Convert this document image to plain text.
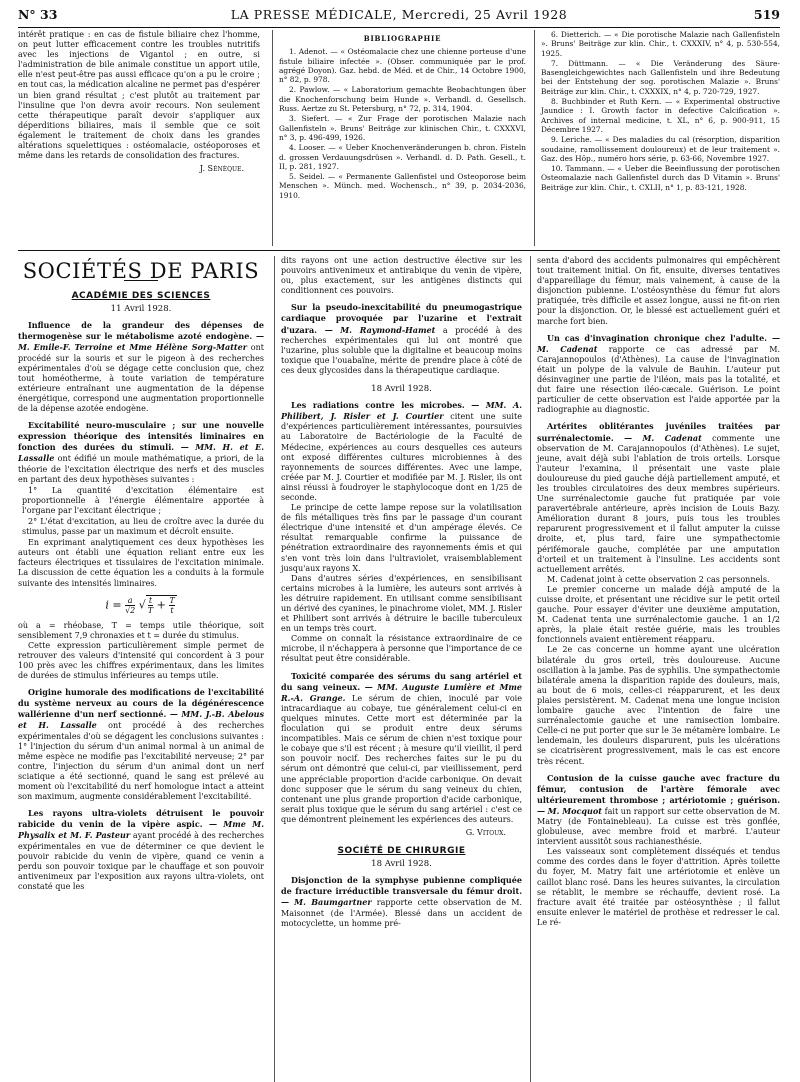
N° 33	LA PRESSE MÉDICALE, Mercredi, 25 Avril 1928	519

intérêt pratique : en cas de fistule biliaire chez l'homme, on peut lutter efficacement contre les troubles nutritifs avec les injections de Vigantol ; en outre, si l'administration de bile animale constitue un apport utile, elle n'est peut-être pas aussi efficace qu'on a pu le croire ; en tout cas, la médication alcaline ne permet pas d'espérer un bien grand résultat ; c'est plutôt au traitement par l'insuline que l'on devra avoir recours. Non seulement cette thérapeutique paraît devoir s'appliquer aux déperditions biliaires, mais il semble que ce soit également le traitement de choix dans les grandes altérations squelettiques : ostéomalacie, ostéoporoses et même dans les retards de consolidation des fractures.

J. Sénèque.
BIBLIOGRAPHIE

1. Adenot. — « Ostéomalacie chez une chienne porteuse d'une fistule biliaire infectée ». (Obser. communiquée par le prof. agrégé Doyon). Gaz. hebd. de Méd. et de Chir., 14 Octobre 1900, n° 82, p. 978.

2. Pawlow. — « Laboratorium gemachte Beobachtungen über die Knochenforschung beim Hunde ». Verhandl. d. Gesellsch. Russ. Aertze zu St. Petersburg, n° 72, p. 314, 1904.

3. Siefert. — « Zur Frage der porotischen Malazie nach Gallenfisteln ». Bruns' Beiträge zur klinischen Chir., t. CXXXVI, n° 3, p. 496-499, 1926.

4. Looser. — « Ueber Knochenveränderungen b. chron. Fisteln d. grossen Verdauungsdrüsen ». Verhandl. d. D. Path. Gesell., t. II, p. 281, 1927.

5. Seidel. — « Permanente Gallenfistel und Osteoporose beim Menschen ». Münch. med. Wochensch., n° 39, p. 2034-2036, 1910.

6. Dietterich. — « Die porotische Malazie nach Gallenfisteln ». Bruns' Beiträge zur klin. Chir., t. CXXXIV, n° 4, p. 530-554, 1925.

7. Düttmann. — « Die Veränderung des Säure-Basengleichgewichtes nach Gallenfisteln und ihre Bedeutung bei der Entstehung der sog. porotischen Malazie ». Bruns' Beiträge zur klin. Chir., t. CXXXIX, n° 4, p. 720-729, 1927.

8. Buchbinder et Ruth Kern. — « Experimental obstructive Jaundice : I. Growth factor in defective Calcification ». Archives of internal medicine, t. XL, n° 6, p. 900-911, 15 Décembre 1927.

9. Leriche. — « Des maladies du cal (résorption, disparition soudaine, ramollissement douloureux) et de leur traitement ». Gaz. des Hôp., numéro hors série, p. 63-66, Novembre 1927.

10. Tammann. — « Ueber die Beeinflussung der porotischen Osteomalazie nach Gallenfistel durch das D Vitamin ». Bruns' Beiträge zur klin. Chir., t. CXLII, n° 1, p. 83-121, 1928.

SOCIÉTÉS DE PARIS
ACADÉMIE DES SCIENCES
11 Avril 1928.

Influence de la grandeur des dépenses de thermogenèse sur le métabolisme azoté endogène. — M. Emile-F. Terroine et Mme Hélène Sorg-Matter ont procédé sur la souris et sur le pigeon à des recherches expérimentales d'où se dégage cette conclusion que, chez tout homéotherme, à toute variation de température extérieure entraînant une augmentation de la dépense énergétique, correspond une augmentation proportionnelle de la dépense azotée endogène.

Excitabilité neuro-musculaire ; sur une nouvelle expression théorique des intensités liminaires en fonction des durées du stimuli. — MM. H. et E. Lassalle ont édifié un moule mathématique, a priori, de la théorie de l'excitation électrique des nerfs et des muscles en partant des deux hypothèses suivantes :

1° La quantité d'excitation élémentaire est proportionnelle à l'énergie élémentaire apportée à l'organe par l'excitant électrique ;

2° L'état d'excitation, au lieu de croître avec la durée du stimulus, passe par un maximum et décroît ensuite.

En exprimant analytiquement ces deux hypothèses les auteurs ont établi une équation reliant entre eux les facteurs électriques et tissulaires de l'excitation minimale. La discussion de cette équation les a conduits à la formule suivante des intensités liminaires.

$i = \frac{a}{√2}$ √ $\frac{t}{T} + \frac{T}{t}$

où a = rhéobase, T = temps utile théorique, soit sensiblement 7,9 chronaxies et t = durée du stimulus.

Cette expression particulièrement simple permet de retrouver des valeurs d'intensité qui concordent à 3 pour 100 près avec les chiffres expérimentaux, dans les limites de durées de stimulus inférieures au temps utile.

Origine humorale des modifications de l'excitabilité du système nerveux au cours de la dégénérescence wallérienne d'un nerf sectionné. — MM. J.-B. Abelous et H. Lassalle ont procédé à des recherches expérimentales d'où se dégagent les conclusions suivantes : 1° l'injection du sérum d'un animal normal à un animal de même espèce ne modifie pas l'excitabilité nerveuse; 2° par contre, l'injection du sérum d'un animal dont un nerf sciatique a été sectionné, quand le sang est prélevé au moment où l'excitabilité du nerf homologue intact a atteint son maximum, augmente considérablement l'excitabilité.

Les rayons ultra-violets détruisent le pouvoir rabicide du venin de la vipère aspic. — Mme M. Physalix et M. F. Pasteur ayant procédé à des recherches expérimentales en vue de déterminer ce que devient le pouvoir rabicide du venin de vipère, quand ce venin a perdu son pouvoir toxique par le chauffage et son pouvoir antivenimeux par l'exposition aux rayons ultra-violets, ont constaté que les

dits rayons ont une action destructive élective sur les pouvoirs antivenimeux et antirabique du venin de vipère, ou, plus exactement, sur les antigènes distincts qui conditionnent ces pouvoirs.

Sur la pseudo-inexcitabilité du pneumogastrique cardiaque provoquée par l'uzarine et l'extrait d'uzara. — M. Raymond-Hamet a procédé à des recherches expérimentales qui lui ont montré que l'uzarine, plus soluble que la digitaline et beaucoup moins toxique que l'ouabaïne, mérite de prendre place à côté de ces deux glycosides dans la thérapeutique cardiaque.

18 Avril 1928.

Les radiations contre les microbes. — MM. A. Philibert, J. Risler et J. Courtier citent une suite d'expériences particulièrement intéressantes, poursuivies au Laboratoire de Bactériologie de la Faculté de Médecine, expériences au cours desquelles ces auteurs ont exposé différentes cultures microbiennes à des rayonnements de sources différentes. Avec une lampe, créée par M. J. Courtier et modifiée par M. J. Risler, ils ont ainsi réussi à foudroyer le staphylocoque dont en 1/25 de seconde.

Le principe de cette lampe repose sur la volatilisation de fils métalliques très fins par le passage d'un courant électrique d'une intensité et d'un ampérage élevés. Ce résultat remarquable confirme la puissance de pénétration extraordinaire des rayonnements émis et qui s'en vont très loin dans l'ultraviolet, vraisemblablement jusqu'aux rayons X.

Dans d'autres séries d'expériences, en sensibilisant certains microbes à la lumière, les auteurs sont arrivés à les détruire rapidement. En utilisant comme sensibilisant un dérivé des cyanines, le pinachrome violet, MM. J. Risler et Philibert sont arrivés à détruire le bacille tuberculeux en un temps très court.

Comme on connaît la résistance extraordinaire de ce microbe, il n'échappera à personne que l'importance de ce résultat peut être considérable.

Toxicité comparée des sérums du sang artériel et du sang veineux. — MM. Auguste Lumière et Mme R.-A. Grange. Le sérum de chien, inoculé par voie intracardiaque au cobaye, tue généralement celui-ci en quelques minutes. Cette mort est déterminée par la floculation qui se produit entre deux sérums incompatibles. Mais ce sérum de chien n'est toxique pour le cobaye que s'il est récent ; à mesure qu'il vieillit, il perd son pouvoir nocif. Des recherches faites sur le pu du sérum ont démontré que celui-ci, par vieillissement, perd une appréciable proportion d'acide carbonique. On devait donc supposer que le sérum du sang veineux du chien, contenant une plus grande proportion d'acide carbonique, serait plus toxique que le sérum du sang artériel : c'est ce que démontrent pleinement les expériences des auteurs.

G. Vitoux.
SOCIÉTÉ DE CHIRURGIE
18 Avril 1928.

Disjonction de la symphyse pubienne compliquée de fracture irréductible transversale du fémur droit. — M. Baumgartner rapporte cette observation de M. Maisonnet (de l'Armée). Blessé dans un accident de motocyclette, un homme pré-

senta d'abord des accidents pulmonaires qui empêchèrent tout traitement initial. On fit, ensuite, diverses tentatives d'appareillage du fémur, mais vainement, à cause de la disjonction pubienne. L'ostéosynthèse du fémur fut alors pratiquée, très difficile et assez longue, aussi ne fit-on rien pour la disjonction. Or, le blessé est actuellement guéri et marche fort bien.

Un cas d'invagination chronique chez l'adulte. — M. Cadenat rapporte ce cas adressé par M. Carajannopoulos (d'Athènes). La cause de l'invagination était un polype de la valvule de Bauhin. L'auteur put désinvaginer une partie de l'iléon, mais pas la totalité, et dut faire une résection iléo-cæcale. Guérison. Le point particulier de cette observation est l'aide apportée par la radiographie au diagnostic.

Artérites oblitérantes juvéniles traitées par surrénalectomie. — M. Cadenat commente une observation de M. Carajannopoulos (d'Athènes). Le sujet, jeune, avait déjà subi l'ablation de trois orteils. Lorsque l'auteur l'examina, il présentait une vaste plaie douloureuse du pied gauche déjà partiellement amputé, et les troubles circulatoires des deux membres supérieurs. Une surrénalectomie gauche fut pratiquée par voie paravertébrale antérieure, après incision de Louis Bazy. Amélioration durant 8 jours, puis tous les troubles reparurent progressivement et il fallut amputer la cuisse droite, et, plus tard, faire une sympathectomie périfémorale gauche, complétée par une amputation d'orteil et un traitement à l'insuline. Les accidents sont actuellement arrêtés.

M. Cadenat joint à cette observation 2 cas personnels.

Le premier concerne un malade déjà amputé de la cuisse droite, et présentant une récidive sur le petit orteil gauche. Pour essayer d'éviter une deuxième amputation, M. Cadenat tenta une surrénalectomie gauche. 1 an 1/2 après, la plaie était restée guérie, mais les troubles fonctionnels avaient entièrement réapparu.

Le 2e cas concerne un homme ayant une ulcération bilatérale du gros orteil, très douloureuse. Aucune oscillation à la jambe. Pas de syphilis. Une sympathectomie bilatérale amena la disparition rapide des douleurs, mais, au bout de 6 mois, celles-ci réapparurent, et les deux plaies persistèrent. M. Cadenat mena une longue incision lombaire gauche avec l'intention de faire une surrénalectomie gauche et une ramisection lombaire. Celle-ci ne put porter que sur le 3e métamère lombaire. Le lendemain, les douleurs disparurent, puis les ulcérations se cicatrisèrent progressivement, mais le cas est encore très récent.

Contusion de la cuisse gauche avec fracture du fémur, contusion de l'artère fémorale avec ultérieurement thrombose ; artériotomie ; guérison. — M. Mocquot fait un rapport sur cette observation de M. Matry (de Fontainebleau). La cuisse est très gonflée, globuleuse, avec membre froid et marbré. L'auteur intervient aussitôt sous rachianesthésie.

Les vaisseaux sont complètement disséqués et tendus comme des cordes dans le foyer d'attrition. Après toilette du foyer, M. Matry fait une artériotomie et enlève un caillot blanc rosé. Dans les heures suivantes, la circulation se rétablit, le membre se réchauffe, devient rosé. La fracture avait été traitée par ostéosynthèse ; il fallut ensuite enlever le matériel de prothèse et redresser le cal. Le ré-
